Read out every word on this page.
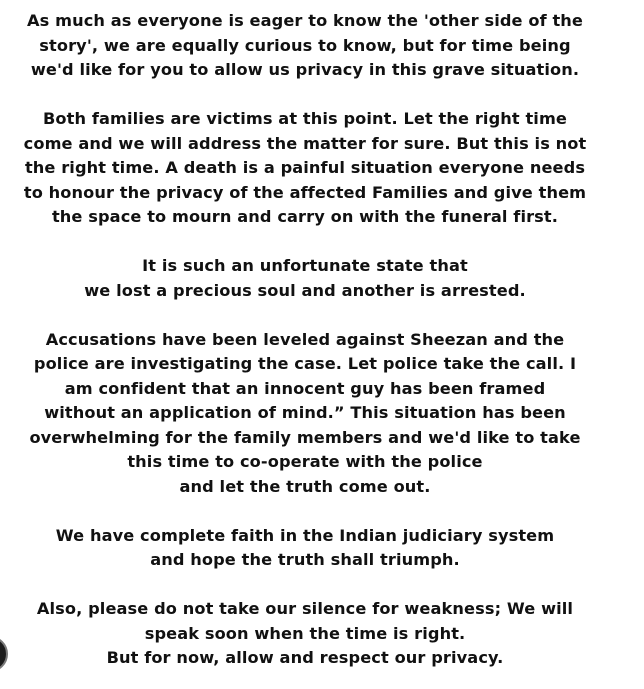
As much as everyone is eager to know the 'other side of the
story', we are equally curious to know, but for time being
we'd like for you to allow us privacy in this grave situation.

Both families are victims at this point. Let the right time
come and we will address the matter for sure. But this is not
the right time. A death is a painful situation everyone needs
to honour the privacy of the affected Families and give them
the space to mourn and carry on with the funeral first.

It is such an unfortunate state that
we lost a precious soul and another is arrested.

Accusations have been leveled against Sheezan and the
police are investigating the case. Let police take the call. I
am confident that an innocent guy has been framed
without an application of mind.” This situation has been
overwhelming for the family members and we'd like to take
this time to co-operate with the police
and let the truth come out.

We have complete faith in the Indian judiciary system
and hope the truth shall triumph.

Also, please do not take our silence for weakness; We will
speak soon when the time is right.
But for now, allow and respect our privacy.
